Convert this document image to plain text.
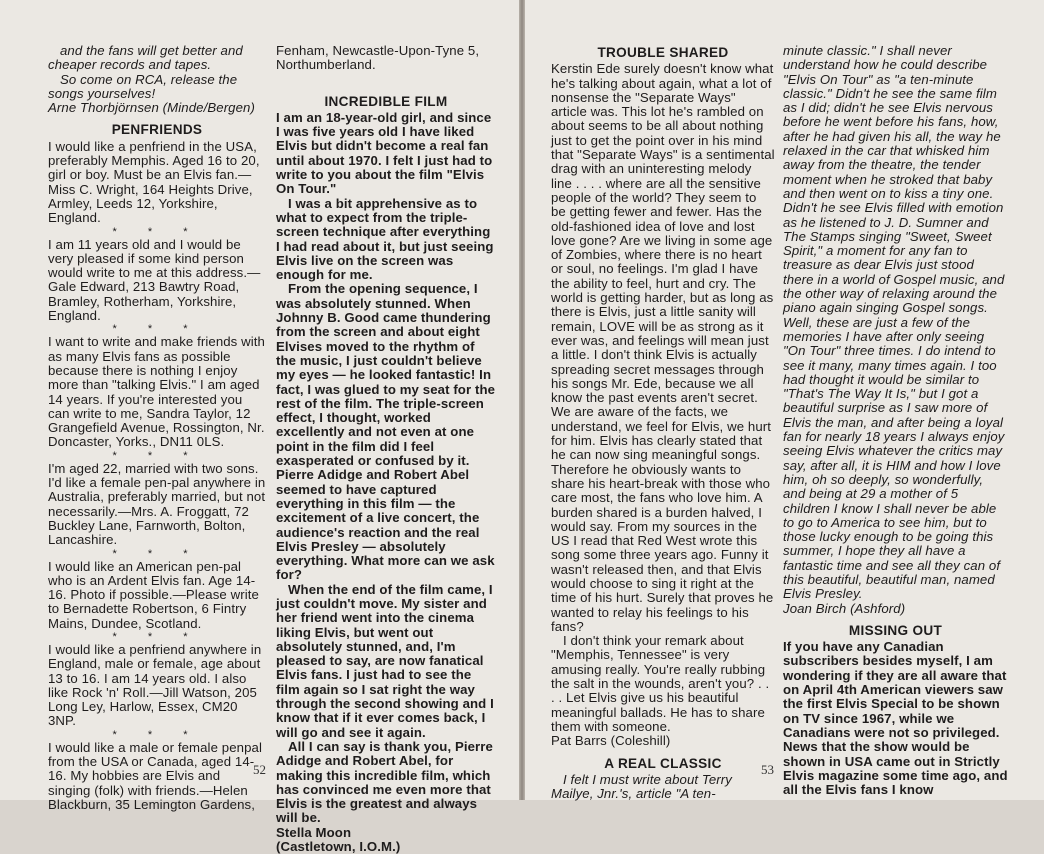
and the fans will get better and cheaper records and tapes.

So come on RCA, release the songs yourselves!

Arne Thorbjörnsen (Minde/Bergen)

PENFRIENDS

I would like a penfriend in the USA, preferably Memphis. Aged 16 to 20, girl or boy. Must be an Elvis fan.—Miss C. Wright, 164 Heights Drive, Armley, Leeds 12, Yorkshire, England.

* * *

I am 11 years old and I would be very pleased if some kind person would write to me at this address.—Gale Edward, 213 Bawtry Road, Bramley, Rotherham, Yorkshire, England.

* * *

I want to write and make friends with as many Elvis fans as possible because there is nothing I enjoy more than "talking Elvis." I am aged 14 years. If you're interested you can write to me, Sandra Taylor, 12 Grangefield Avenue, Rossington, Nr. Doncaster, Yorks., DN11 0LS.

* * *

I'm aged 22, married with two sons. I'd like a female pen-pal anywhere in Australia, preferably married, but not necessarily.—Mrs. A. Froggatt, 72 Buckley Lane, Farnworth, Bolton, Lancashire.

* * *

I would like an American pen-pal who is an Ardent Elvis fan. Age 14-16. Photo if possible.—Please write to Bernadette Robertson, 6 Fintry Mains, Dundee, Scotland.

* * *

I would like a penfriend anywhere in England, male or female, age about 13 to 16. I am 14 years old. I also like Rock 'n' Roll.—Jill Watson, 205 Long Ley, Harlow, Essex, CM20 3NP.

* * *

I would like a male or female penpal from the USA or Canada, aged 14-16. My hobbies are Elvis and singing (folk) with friends.—Helen Blackburn, 35 Lemington Gardens,

Fenham, Newcastle-Upon-Tyne 5, Northumberland.

INCREDIBLE FILM

I am an 18-year-old girl, and since I was five years old I have liked Elvis but didn't become a real fan until about 1970. I felt I just had to write to you about the film "Elvis On Tour."

I was a bit apprehensive as to what to expect from the triple-screen technique after everything I had read about it, but just seeing Elvis live on the screen was enough for me.

From the opening sequence, I was absolutely stunned. When Johnny B. Good came thundering from the screen and about eight Elvises moved to the rhythm of the music, I just couldn't believe my eyes — he looked fantastic! In fact, I was glued to my seat for the rest of the film. The triple-screen effect, I thought, worked excellently and not even at one point in the film did I feel exasperated or confused by it. Pierre Adidge and Robert Abel seemed to have captured everything in this film — the excitement of a live concert, the audience's reaction and the real Elvis Presley — absolutely everything. What more can we ask for?

When the end of the film came, I just couldn't move. My sister and her friend went into the cinema liking Elvis, but went out absolutely stunned, and, I'm pleased to say, are now fanatical Elvis fans. I just had to see the film again so I sat right the way through the second showing and I know that if it ever comes back, I will go and see it again.

All I can say is thank you, Pierre Adidge and Robert Abel, for making this incredible film, which has convinced me even more that Elvis is the greatest and always will be.

Stella Moon

(Castletown, I.O.M.)

52
TROUBLE SHARED

Kerstin Ede surely doesn't know what he's talking about again, what a lot of nonsense the "Separate Ways" article was. This lot he's rambled on about seems to be all about nothing just to get the point over in his mind that "Separate Ways" is a sentimental drag with an uninteresting melody line . . . . where are all the sensitive people of the world? They seem to be getting fewer and fewer. Has the old-fashioned idea of love and lost love gone? Are we living in some age of Zombies, where there is no heart or soul, no feelings. I'm glad I have the ability to feel, hurt and cry. The world is getting harder, but as long as there is Elvis, just a little sanity will remain, LOVE will be as strong as it ever was, and feelings will mean just a little. I don't think Elvis is actually spreading secret messages through his songs Mr. Ede, because we all know the past events aren't secret. We are aware of the facts, we understand, we feel for Elvis, we hurt for him. Elvis has clearly stated that he can now sing meaningful songs. Therefore he obviously wants to share his heart-break with those who care most, the fans who love him. A burden shared is a burden halved, I would say. From my sources in the US I read that Red West wrote this song some three years ago. Funny it wasn't released then, and that Elvis would choose to sing it right at the time of his hurt. Surely that proves he wanted to relay his feelings to his fans?

I don't think your remark about "Memphis, Tennessee" is very amusing really. You're really rubbing the salt in the wounds, aren't you? . . . . Let Elvis give us his beautiful meaningful ballads. He has to share them with someone.

Pat Barrs (Coleshill)

A REAL CLASSIC

I felt I must write about Terry Mailye, Jnr.'s, article "A ten-

minute classic." I shall never understand how he could describe "Elvis On Tour" as "a ten-minute classic." Didn't he see the same film as I did; didn't he see Elvis nervous before he went before his fans, how, after he had given his all, the way he relaxed in the car that whisked him away from the theatre, the tender moment when he stroked that baby and then went on to kiss a tiny one. Didn't he see Elvis filled with emotion as he listened to J. D. Sumner and The Stamps singing "Sweet, Sweet Spirit," a moment for any fan to treasure as dear Elvis just stood there in a world of Gospel music, and the other way of relaxing around the piano again singing Gospel songs. Well, these are just a few of the memories I have after only seeing "On Tour" three times. I do intend to see it many, many times again. I too had thought it would be similar to "That's The Way It Is," but I got a beautiful surprise as I saw more of Elvis the man, and after being a loyal fan for nearly 18 years I always enjoy seeing Elvis whatever the critics may say, after all, it is HIM and how I love him, oh so deeply, so wonderfully, and being at 29 a mother of 5 children I know I shall never be able to go to America to see him, but to those lucky enough to be going this summer, I hope they all have a fantastic time and see all they can of this beautiful, beautiful man, named Elvis Presley.

Joan Birch (Ashford)

MISSING OUT

If you have any Canadian subscribers besides myself, I am wondering if they are all aware that on April 4th American viewers saw the first Elvis Special to be shown on TV since 1967, while we Canadians were not so privileged. News that the show would be shown in USA came out in Strictly Elvis magazine some time ago, and all the Elvis fans I know

53
